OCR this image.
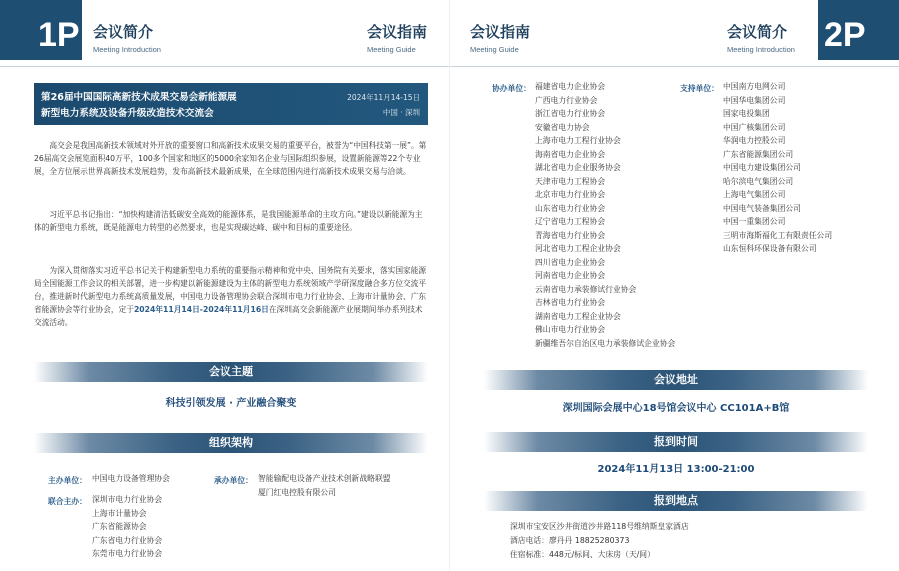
1P 会议简介
Meeting Introduction
会议指南
Meeting Guide
第26届中国国际高新技术成果交易会新能源展
新型电力系统及设备升级改造技术交流会
2024年11月14-15日
中国 · 深圳
高交会是我国高新技术领域对外开放的重要窗口和高新技术成果交易的重要平台，被誉为“中国科技第一展”。第26届高交会展览面积40万平，100多个国家和地区的5000余家知名企业与国际组织参展，设置新能源等22个专业展，全方位展示世界高新技术发展趋势，发布高新技术最新成果，在全球范围内进行高新技术成果交易与洽谈。
习近平总书记指出：“加快构建清洁低碳安全高效的能源体系，是我国能源革命的主攻方向。”建设以新能源为主体的新型电力系统，既是能源电力转型的必然要求，也是实现碳达峰、碳中和目标的重要途径。
为深入贯彻落实习近平总书记关于构建新型电力系统的重要指示精神和党中央、国务院有关要求，落实国家能源局全国能源工作会议的相关部署，进一步构建以新能源建设为主体的新型电力系统领域产学研深度融合多方位交流平台，推进新时代新型电力系统高质量发展，中国电力设备管理协会联合深圳市电力行业协会、上海市计量协会、广东省能源协会等行业协会，定于2024年11月14日-2024年11月16日在深圳高交会新能源产业展期间举办系列技术交流活动。
会议主题
科技引领发展 · 产业融合聚变
组织架构
主办单位： 中国电力设备管理协会	承办单位： 智能输配电设备产业技术创新战略联盟
厦门红电控股有限公司
联合主办： 深圳市电力行业协会
上海市计量协会
广东省能源协会
广东省电力行业协会
东莞市电力行业协会
会议指南
Meeting Guide
会议简介
Meeting Introduction 2P
协办单位： 福建省电力企业协会
广西电力行业协会
浙江省电力行业协会
安徽省电力协会
上海市电力工程行业协会
海南省电力企业协会
湖北省电力企业服务协会
天津市电力工程协会
北京市电力行业协会
山东省电力行业协会
辽宁省电力工程协会
青海省电力行业协会
河北省电力工程企业协会
四川省电力企业协会
河南省电力企业协会
云南省电力承装修试行业协会
吉林省电力行业协会
湖南省电力工程企业协会
佛山市电力行业协会
新疆维吾尔自治区电力承装修试企业协会
支持单位： 中国南方电网公司
中国华电集团公司
国家电投集团
中国广核集团公司
华润电力控股公司
广东省能源集团公司
中国电力建设集团公司
哈尔滨电气集团公司
上海电气集团公司
中国电气装备集团公司
中国一重集团公司
三明市海斯福化工有限责任公司
山东恒科环保设备有限公司
会议地址
深圳国际会展中心18号馆会议中心 CC101A+B馆
报到时间
2024年11月13日 13:00-21:00
报到地点
深圳市宝安区沙井街道沙井路118号维纳斯皇家酒店
酒店电话：廖丹丹 18825280373
住宿标准：448元/标间、大床房（天/间）
